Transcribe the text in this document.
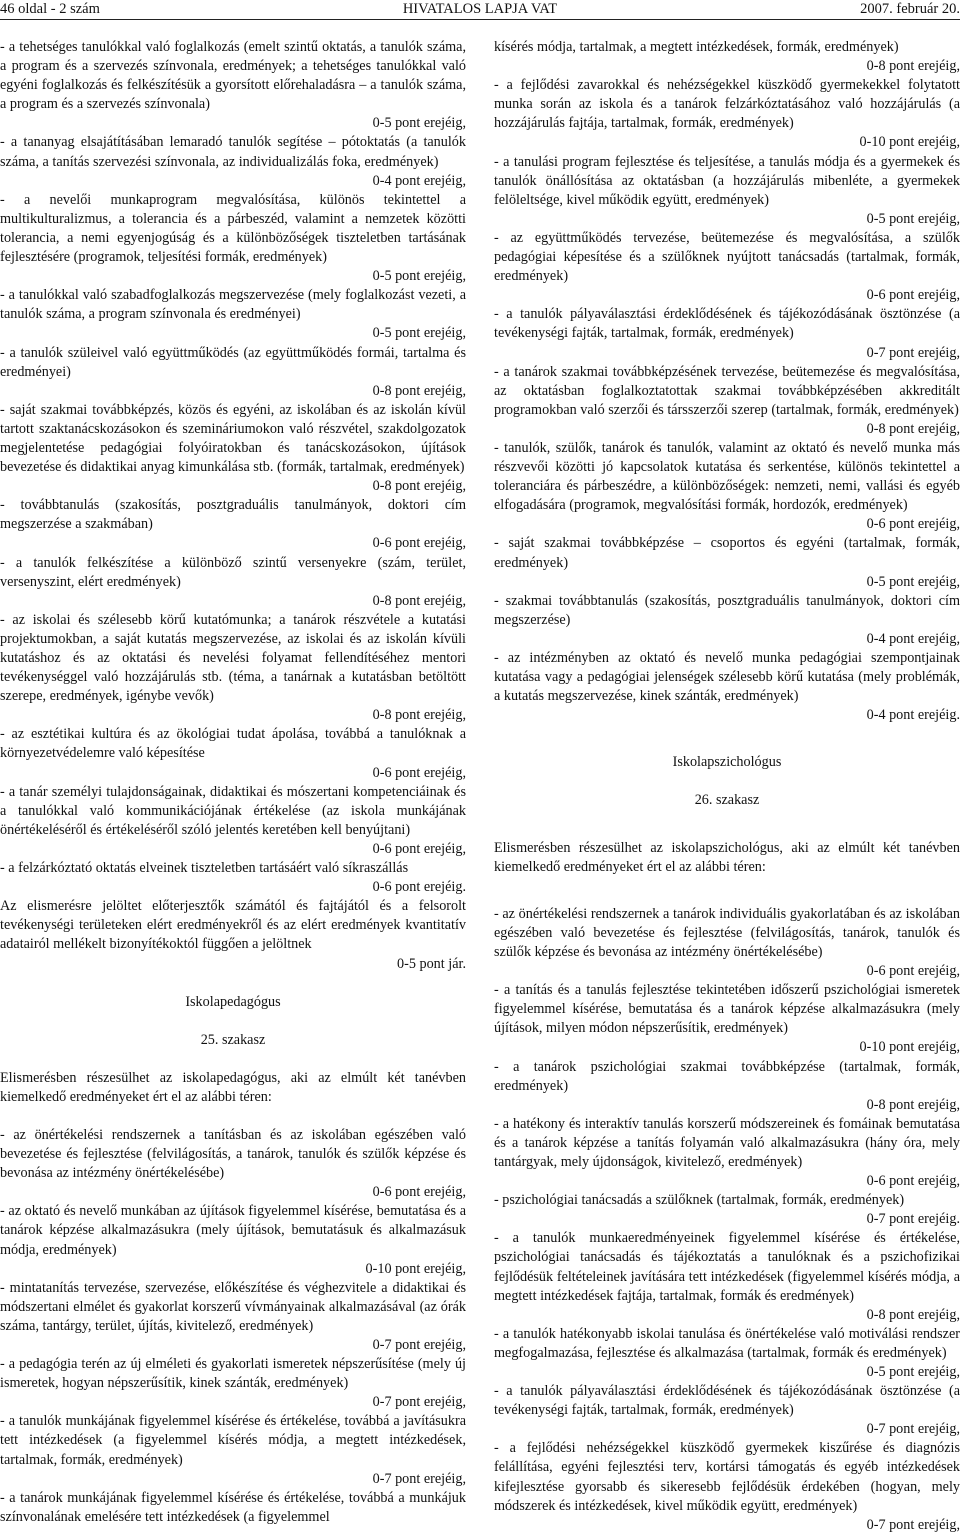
46 oldal - 2 szám	HIVATALOS LAPJA VAT	2007. február 20.

- a tehetséges tanulókkal való foglalkozás (emelt szintű oktatás, a tanulók száma, a program és a szervezés színvonala, eredmények; a tehetséges tanulókkal való egyéni foglalkozás és felkészítésük a gyorsított előrehaladásra – a tanulók száma, a program és a szervezés színvonala)
0-5 pont erejéig,

- a tananyag elsajátításában lemaradó tanulók segítése – pótoktatás (a tanulók száma, a tanítás szervezési színvonala, az individualizálás foka, eredmények)
0-4 pont erejéig,

- a nevelői munkaprogram megvalósítása, különös tekintettel a multikulturalizmus, a tolerancia és a párbeszéd, valamint a nemzetek közötti tolerancia, a nemi egyenjogúság és a különbözőségek tiszteletben tartásának fejlesztésére (programok, teljesítési formák, eredmények)
0-5 pont erejéig,

- a tanulókkal való szabadfoglalkozás megszervezése (mely foglalkozást vezeti, a tanulók száma, a program színvonala és eredményei)
0-5 pont erejéig,

- a tanulók szüleivel való együttműködés (az együttműködés formái, tartalma és eredményei)
0-8 pont erejéig,

- saját szakmai továbbképzés, közös és egyéni, az iskolában és az iskolán kívül tartott szaktanácskozásokon és szemináriumokon való részvétel, szakdolgozatok megjelentetése pedagógiai folyóiratokban és tanácskozásokon, újítások bevezetése és didaktikai anyag kimunkálása stb. (formák, tartalmak, eredmények)
0-8 pont erejéig,

- továbbtanulás (szakosítás, posztgraduális tanulmányok, doktori cím megszerzése a szakmában)
0-6 pont erejéig,

- a tanulók felkészítése a különböző szintű versenyekre (szám, terület, versenyszint, elért eredmények)
0-8 pont erejéig,

- az iskolai és szélesebb körű kutatómunka; a tanárok részvétele a kutatási projektumokban, a saját kutatás megszervezése, az iskolai és az iskolán kívüli kutatáshoz és az oktatási és nevelési folyamat fellendítéséhez mentori tevékenységgel való hozzájárulás stb. (téma, a tanárnak a kutatásban betöltött szerepe, eredmények, igénybe vevők)
0-8 pont erejéig,

- az esztétikai kultúra és az ökológiai tudat ápolása, továbbá a tanulóknak a környezetvédelemre való képesítése
0-6 pont erejéig,

- a tanár személyi tulajdonságainak, didaktikai és mószertani kompetenciáinak és a tanulókkal való kommunikációjának értékelése (az iskola munkájának önértékeléséről és értékeléséről szóló jelentés keretében kell benyújtani)
0-6 pont erejéig,

- a felzárkóztató oktatás elveinek tiszteletben tartásáért való síkraszállás
0-6 pont erejéig.

Az elismerésre jelöltet előterjesztők számától és fajtájától és a felsorolt tevékenységi területeken elért eredményekről és az elért eredmények kvantitatív adatairól mellékelt bizonyítékoktól függően a jelöltnek
0-5 pont jár.

Iskolapedagógus

25. szakasz

Elismerésben részesülhet az iskolapedagógus, aki az elmúlt két tanévben kiemelkedő eredményeket ért el az alábbi téren:

- az önértékelési rendszernek a tanításban és az iskolában egészében való bevezetése és fejlesztése (felvilágosítás, a tanárok, tanulók és szülők képzése és bevonása az intézmény önértékelésébe)
0-6 pont erejéig,

- az oktató és nevelő munkában az újítások figyelemmel kísérése, bemutatása és a tanárok képzése alkalmazásukra (mely újítások, bemutatásuk és alkalmazásuk módja, eredmények)
0-10 pont erejéig,

- mintatanítás tervezése, szervezése, előkészítése és véghezvitele a didaktikai és módszertani elmélet és gyakorlat korszerű vívmányainak alkalmazásával (az órák száma, tantárgy, terület, újítás, kivitelező, eredmények)
0-7 pont erejéig,

- a pedagógia terén az új elméleti és gyakorlati ismeretek népszerűsítése (mely új ismeretek, hogyan népszerűsítik, kinek szánták, eredmények)
0-7 pont erejéig,

- a tanulók munkájának figyelemmel kísérése és értékelése, továbbá a javításukra tett intézkedések (a figyelemmel kísérés módja, a megtett intézkedések, tartalmak, formák, eredmények)
0-7 pont erejéig,

- a tanárok munkájának figyelemmel kísérése és értékelése, továbbá a munkájuk színvonalának emelésére tett intézkedések (a figyelemmel

kísérés módja, tartalmak, a megtett intézkedések, formák, eredmények)
0-8 pont erejéig,

- a fejlődési zavarokkal és nehézségekkel küszködő gyermekekkel folytatott munka során az iskola és a tanárok felzárkóztatásához való hozzájárulás (a hozzájárulás fajtája, tartalmak, formák, eredmények)
0-10 pont erejéig,

- a tanulási program fejlesztése és teljesítése, a tanulás módja és a gyermekek és tanulók önállósítása az oktatásban (a hozzájárulás mibenléte, a gyermekek felöleltsége, kivel működik együtt, eredmények)
0-5 pont erejéig,

- az együttműködés tervezése, beütemezése és megvalósítása, a szülők pedagógiai képesítése és a szülőknek nyújtott tanácsadás (tartalmak, formák, eredmények)
0-6 pont erejéig,

- a tanulók pályaválasztási érdeklődésének és tájékozódásának ösztönzése (a tevékenységi fajták, tartalmak, formák, eredmények)
0-7 pont erejéig,

- a tanárok szakmai továbbképzésének tervezése, beütemezése és megvalósítása, az oktatásban foglalkoztatottak szakmai továbbképzésében akkreditált programokban való szerzői és társszerzői szerep (tartalmak, formák, eredmények)
0-8 pont erejéig,

- tanulók, szülők, tanárok és tanulók, valamint az oktató és nevelő munka más részvevői közötti jó kapcsolatok kutatása és serkentése, különös tekintettel a toleranciára és párbeszédre, a különbözőségek: nemzeti, nemi, vallási és egyéb elfogadására (programok, megvalósítási formák, hordozók, eredmények)
0-6 pont erejéig,

- saját szakmai továbbképzése – csoportos és egyéni (tartalmak, formák, eredmények)
0-5 pont erejéig,

- szakmai továbbtanulás (szakosítás, posztgraduális tanulmányok, doktori cím megszerzése)
0-4 pont erejéig,

- az intézményben az oktató és nevelő munka pedagógiai szempontjainak kutatása vagy a pedagógiai jelenségek szélesebb körű kutatása (mely problémák, a kutatás megszervezése, kinek szánták, eredmények)
0-4 pont erejéig.

Iskolapszichológus

26. szakasz

Elismerésben részesülhet az iskolapszichológus, aki az elmúlt két tanévben kiemelkedő eredményeket ért el az alábbi téren:

- az önértékelési rendszernek a tanárok individuális gyakorlatában és az iskolában egészében való bevezetése és fejlesztése (felvilágosítás, tanárok, tanulók és szülők képzése és bevonása az intézmény önértékelésébe)
0-6 pont erejéig,

- a tanítás és a tanulás fejlesztése tekintetében időszerű pszichológiai ismeretek figyelemmel kísérése, bemutatása és a tanárok képzése alkalmazásukra (mely újítások, milyen módon népszerűsítik, eredmények)
0-10 pont erejéig,

- a tanárok pszichológiai szakmai továbbképzése (tartalmak, formák, eredmények)
0-8 pont erejéig,

- a hatékony és interaktív tanulás korszerű módszereinek és fomáinak bemutatása és a tanárok képzése a tanítás folyamán való alkalmazásukra (hány óra, mely tantárgyak, mely újdonságok, kivitelező, eredmények)
0-6 pont erejéig,

- pszichológiai tanácsadás a szülőknek (tartalmak, formák, eredmények)
0-7 pont erejéig.

- a tanulók munkaeredményeinek figyelemmel kísérése és értékelése, pszichológiai tanácsadás és tájékoztatás a tanulóknak és a pszichofizikai fejlődésük feltételeinek javítására tett intézkedések (figyelemmel kísérés módja, a megtett intézkedések fajtája, tartalmak, formák és eredmények)
0-8 pont erejéig,

- a tanulók hatékonyabb iskolai tanulása és önértékelése való motiválási rendszer megfogalmazása, fejlesztése és alkalmazása (tartalmak, formák és eredmények)
0-5 pont erejéig,

- a tanulók pályaválasztási érdeklődésének és tájékozódásának ösztönzése (a tevékenységi fajták, tartalmak, formák, eredmények)
0-7 pont erejéig,

- a fejlődési nehézségekkel küszködő gyermekek kiszűrése és diagnózis felállítása, egyéni fejlesztési terv, kortársi támogatás és egyéb intézkedések kifejlesztése gyorsabb és sikeresebb fejlődésük érdekében (hogyan, mely módszerek és intézkedések, kivel működik együtt, eredmények)
0-7 pont erejéig,
